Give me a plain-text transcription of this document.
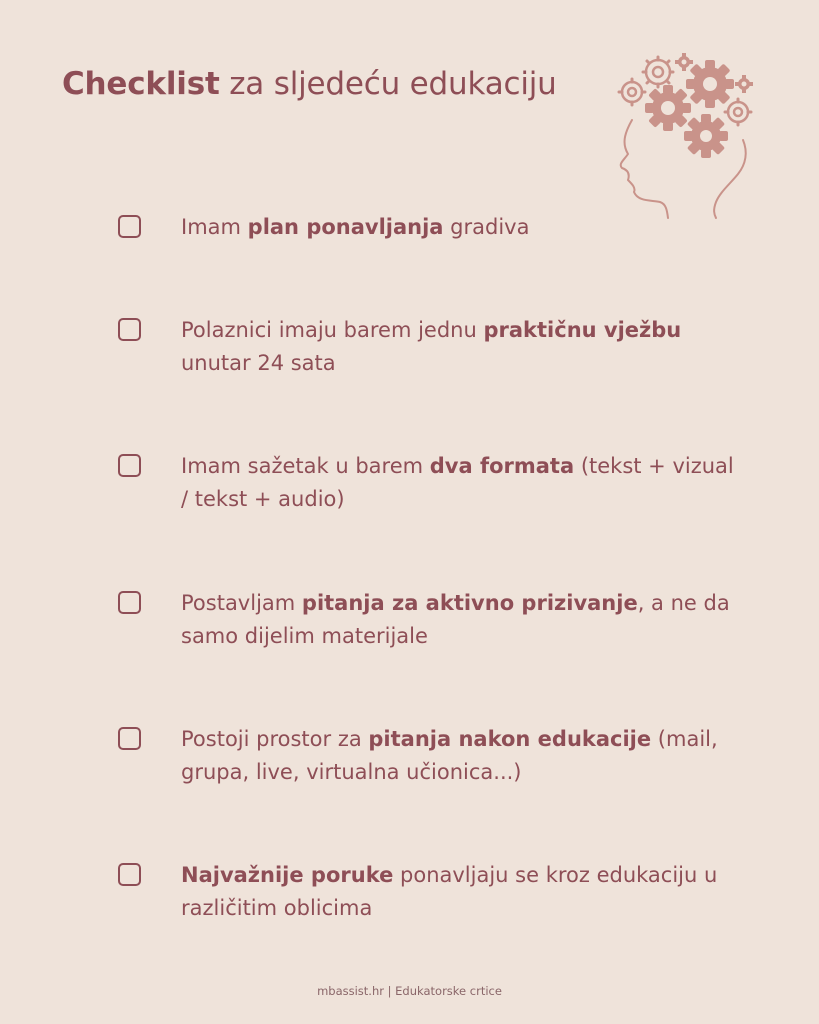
Checklist za sljedeću edukaciju
Imam plan ponavljanja gradiva
Polaznici imaju barem jednu praktičnu vježbu unutar 24 sata
Imam sažetak u barem dva formata (tekst + vizual / tekst + audio)
Postavljam pitanja za aktivno prizivanje, a ne da samo dijelim materijale
Postoji prostor za pitanja nakon edukacije (mail, grupa, live, virtualna učionica...)
Najvažnije poruke ponavljaju se kroz edukaciju u različitim oblicima
mbassist.hr | Edukatorske crtice
